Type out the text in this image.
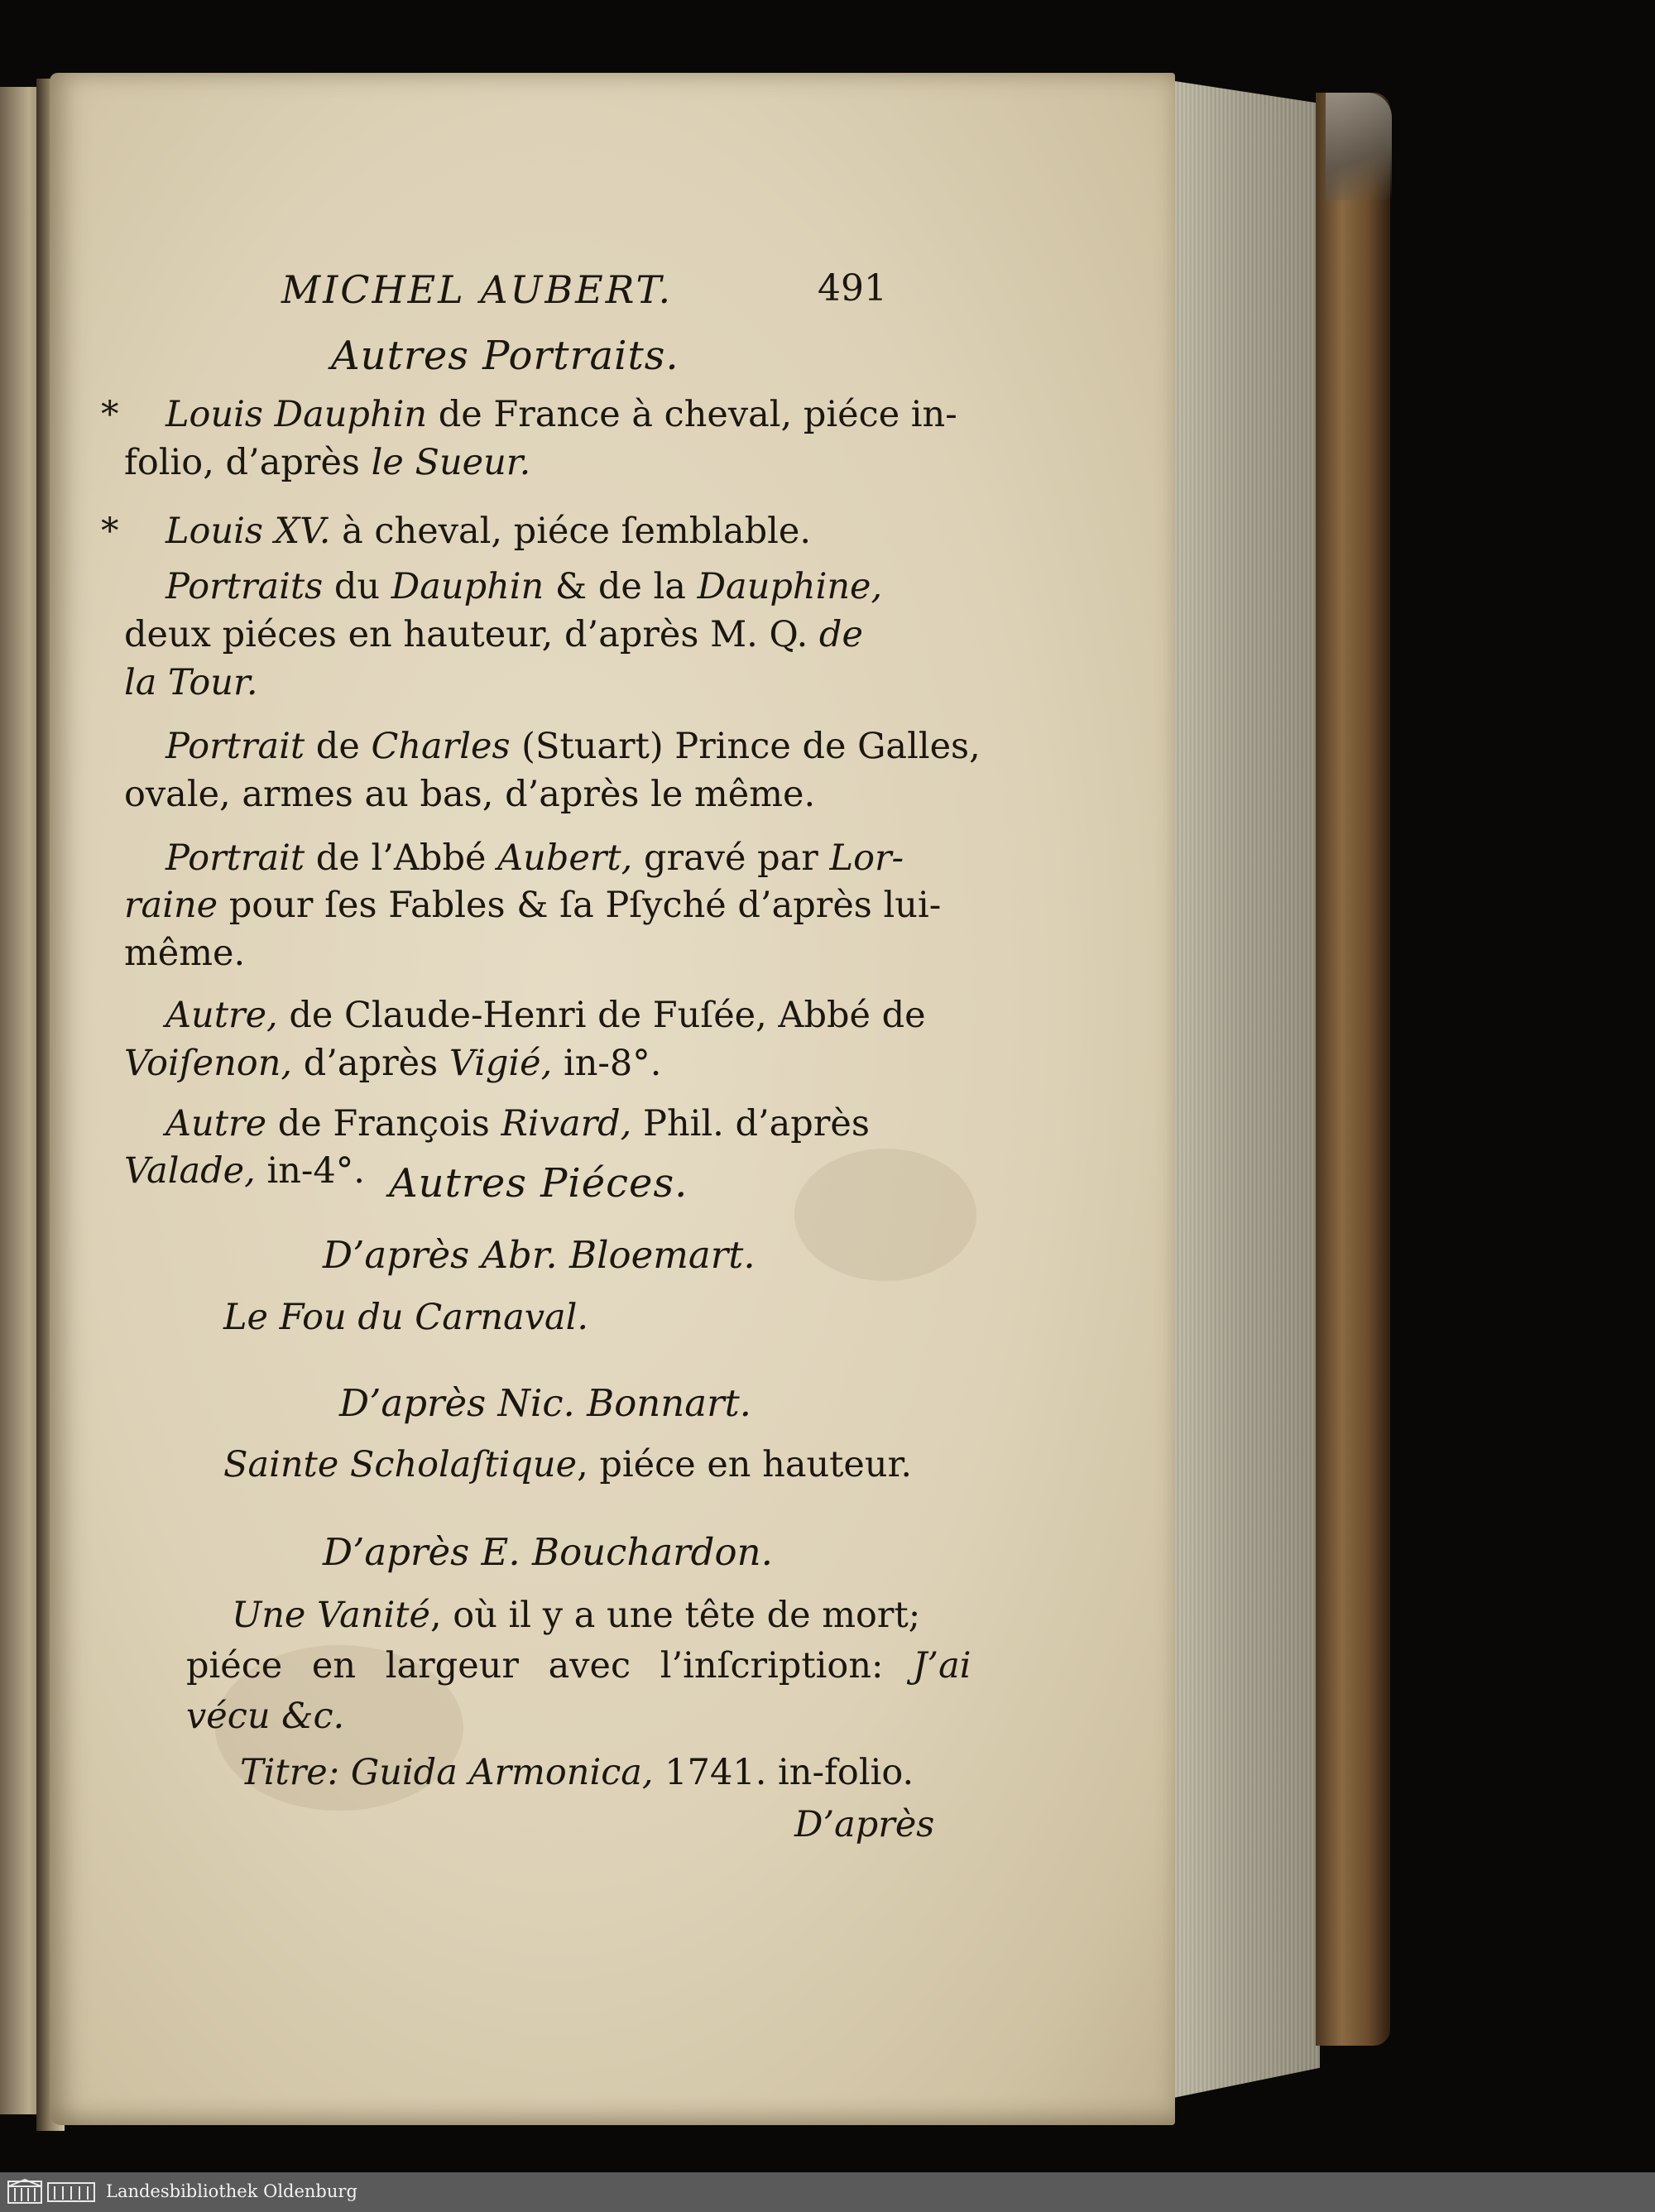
MICHEL AUBERT.	491
Autres Portraits.
Louis Dauphin de France à cheval, piéce in-
*
folio, d’après le Sueur.
Louis XV. à cheval, piéce ſemblable.
*
Portraits du Dauphin & de la Dauphine,
deux piéces en hauteur, d’après M. Q. de
la Tour.
Portrait de Charles (Stuart) Prince de Galles,
ovale, armes au bas, d’après le même.
Portrait de l’Abbé Aubert, gravé par Lor-
raine pour ſes Fables & ſa Pſyché d’après lui-
même.
Autre, de Claude-Henri de Fuſée, Abbé de
Voiſenon, d’après Vigié, in-8°.
Autre de François Rivard, Phil. d’après
Valade, in-4°. Autres Piéces.
D’après Abr. Bloemart.
Le Fou du Carnaval.
D’après Nic. Bonnart.
Sainte Scholaſtique, piéce en hauteur.
D’après E. Bouchardon.
Une Vanité, où il y a une tête de mort;
piéce en largeur avec l’inſcription: J’ai
vécu &c.
Titre: Guida Armonica, 1741. in-folio.
D’après
Landesbibliothek Oldenburg
